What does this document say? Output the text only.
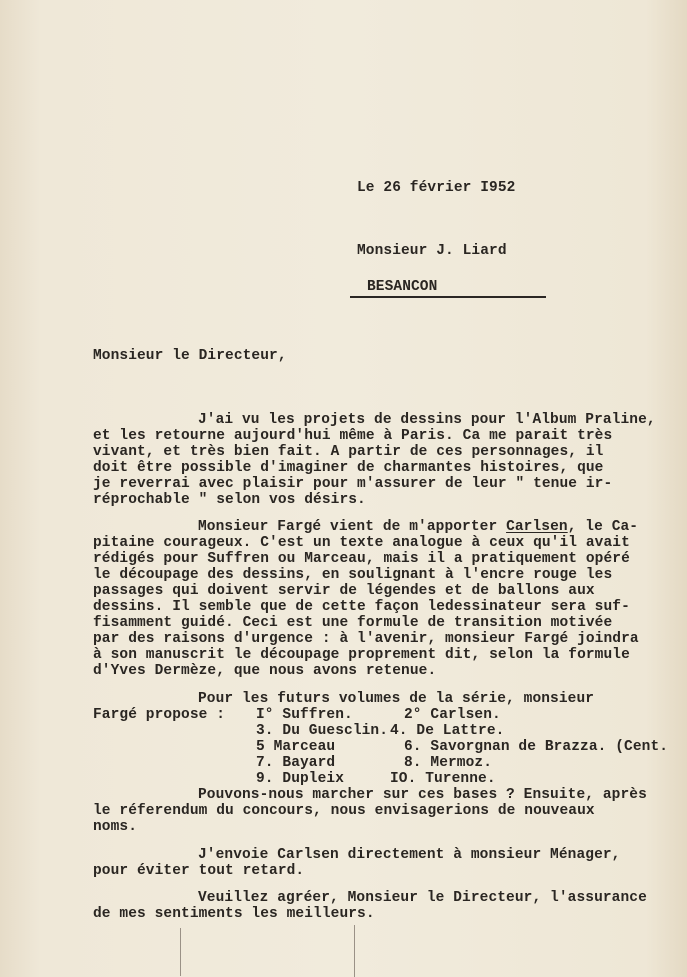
Le 26 février I952
Monsieur J. Liard
BESANCON
Monsieur le Directeur,
J'ai vu les projets de dessins pour l'Album Praline,
et les retourne aujourd'hui même à Paris. Ca me parait très
vivant, et très bien fait. A partir de ces personnages, il
doit être possible d'imaginer de charmantes histoires, que
je reverrai avec plaisir pour m'assurer de leur " tenue ir-
réprochable " selon vos désirs.
Monsieur Fargé vient de m'apporter Carlsen, le Ca-
pitaine courageux. C'est un texte analogue à ceux qu'il avait
rédigés pour Suffren ou Marceau, mais il a pratiquement opéré
le découpage des dessins, en soulignant à l'encre rouge les
passages qui doivent servir de légendes et de ballons aux
dessins. Il semble que de cette façon ledessinateur sera suf-
fisamment guidé. Ceci est une formule de transition motivée
par des raisons d'urgence : à l'avenir, monsieur Fargé joindra
à son manuscrit le découpage proprement dit, selon la formule
d'Yves Dermèze, que nous avons retenue.
Pour les futurs volumes de la série, monsieur
Fargé propose : I° Suffren.	2° Carlsen.
3. Du Guesclin. 4. De Lattre.
5 Marceau	6. Savorgnan de Brazza. (Cent.
7. Bayard	8. Mermoz.
9. Dupleix	IO. Turenne.
Pouvons-nous marcher sur ces bases ? Ensuite, après
le réferendum du concours, nous envisagerions de nouveaux
noms.
J'envoie Carlsen directement à monsieur Ménager,
pour éviter tout retard.
Veuillez agréer, Monsieur le Directeur, l'assurance
de mes sentiments les meilleurs.
